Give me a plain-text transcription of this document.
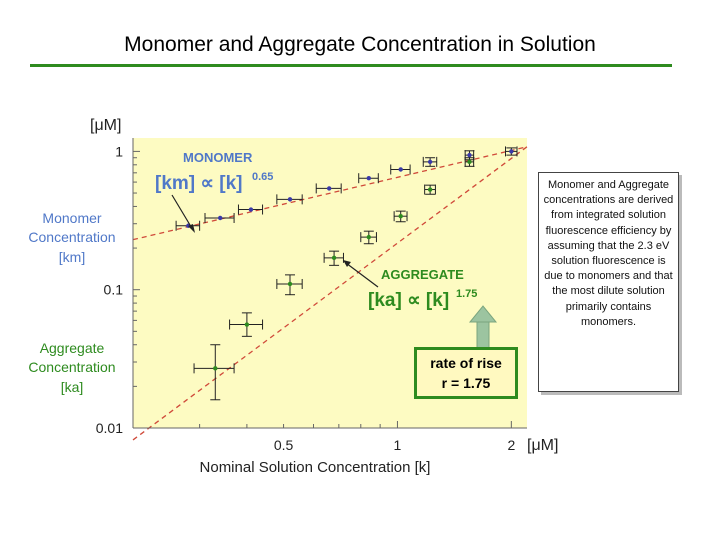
Monomer and Aggregate Concentration in Solution
0.01
0.1
1
0.5	1	2
[μM]
[μM]
Nominal Solution Concentration [k]
Monomer
Concentration
[km]
Aggregate
Concentration
[ka]
MONOMER
[km] ∝ [k] 0.65
AGGREGATE
[ka] ∝ [k] 1.75
rate of rise
r = 1.75
Monomer and Aggregate concentrations are derived from integrated solution fluorescence efficiency by assuming that the 2.3 eV solution fluorescence is due to monomers and that the most dilute solution primarily contains monomers.
